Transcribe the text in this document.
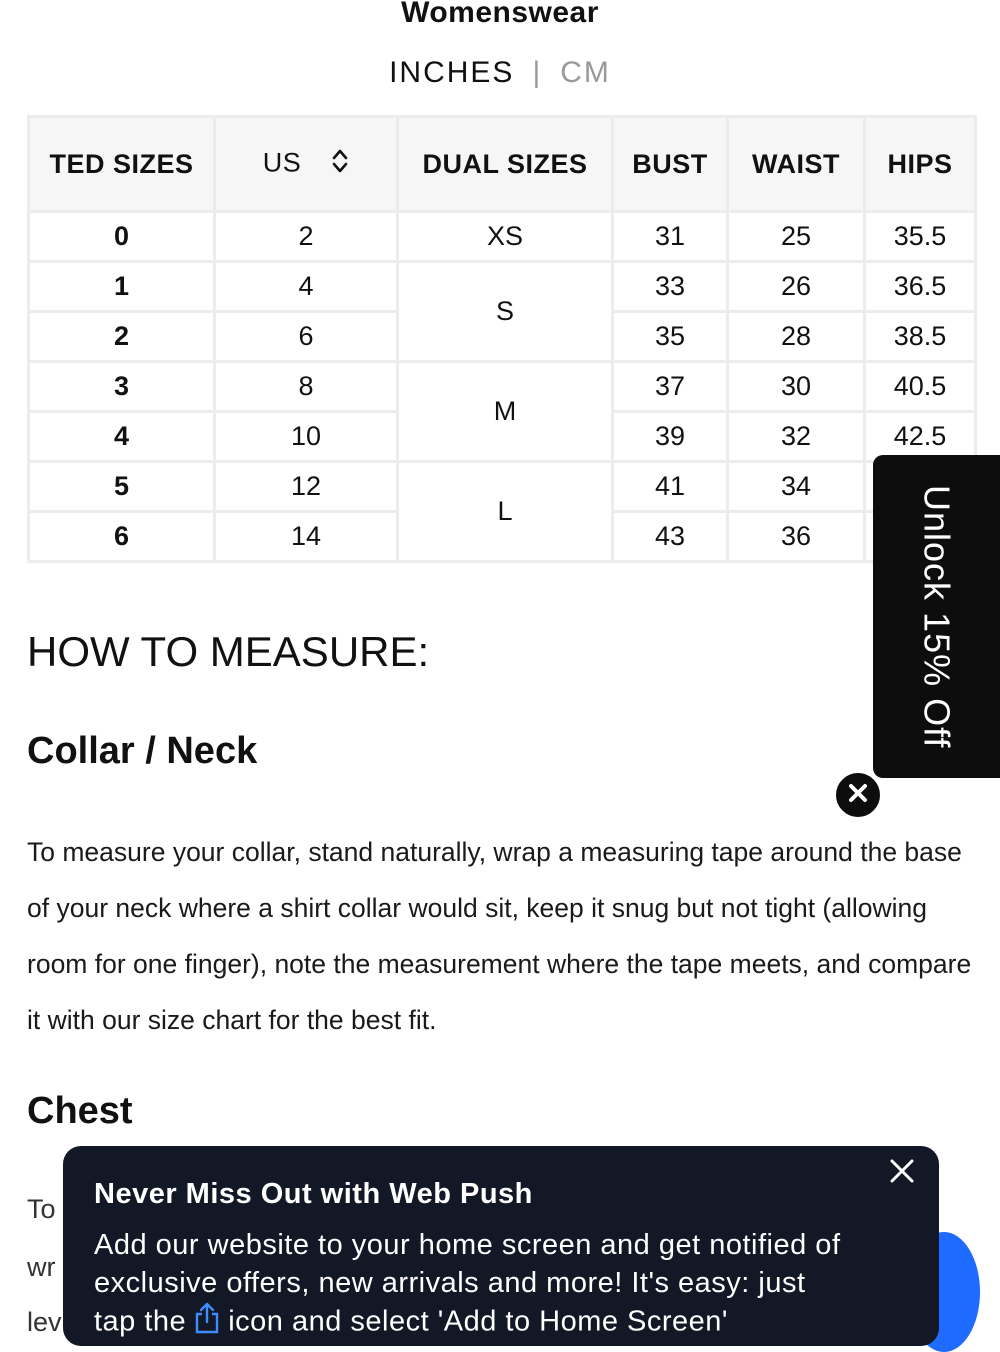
Womenswear
INCHES | CM
TED SIZES	US	DUAL SIZES	BUST	WAIST	HIPS
0	2	XS	31	25	35.5
1	4	S	33	26	36.5
2	6		35	28	38.5
3	8	M	37	30	40.5
4	10		39	32	42.5
5	12	L	41	34	
6	14		43	36	
HOW TO MEASURE:
Collar / Neck
To measure your collar, stand naturally, wrap a measuring tape around the base
of your neck where a shirt collar would sit, keep it snug but not tight (allowing
room for one finger), note the measurement where the tape meets, and compare
it with our size chart for the best fit.
Chest
To
wr
lev
Unlock 15% Off
Never Miss Out with Web Push
Add our website to your home screen and get notified of
exclusive offers, new arrivals and more! It's easy: just
tap the icon and select 'Add to Home Screen'
